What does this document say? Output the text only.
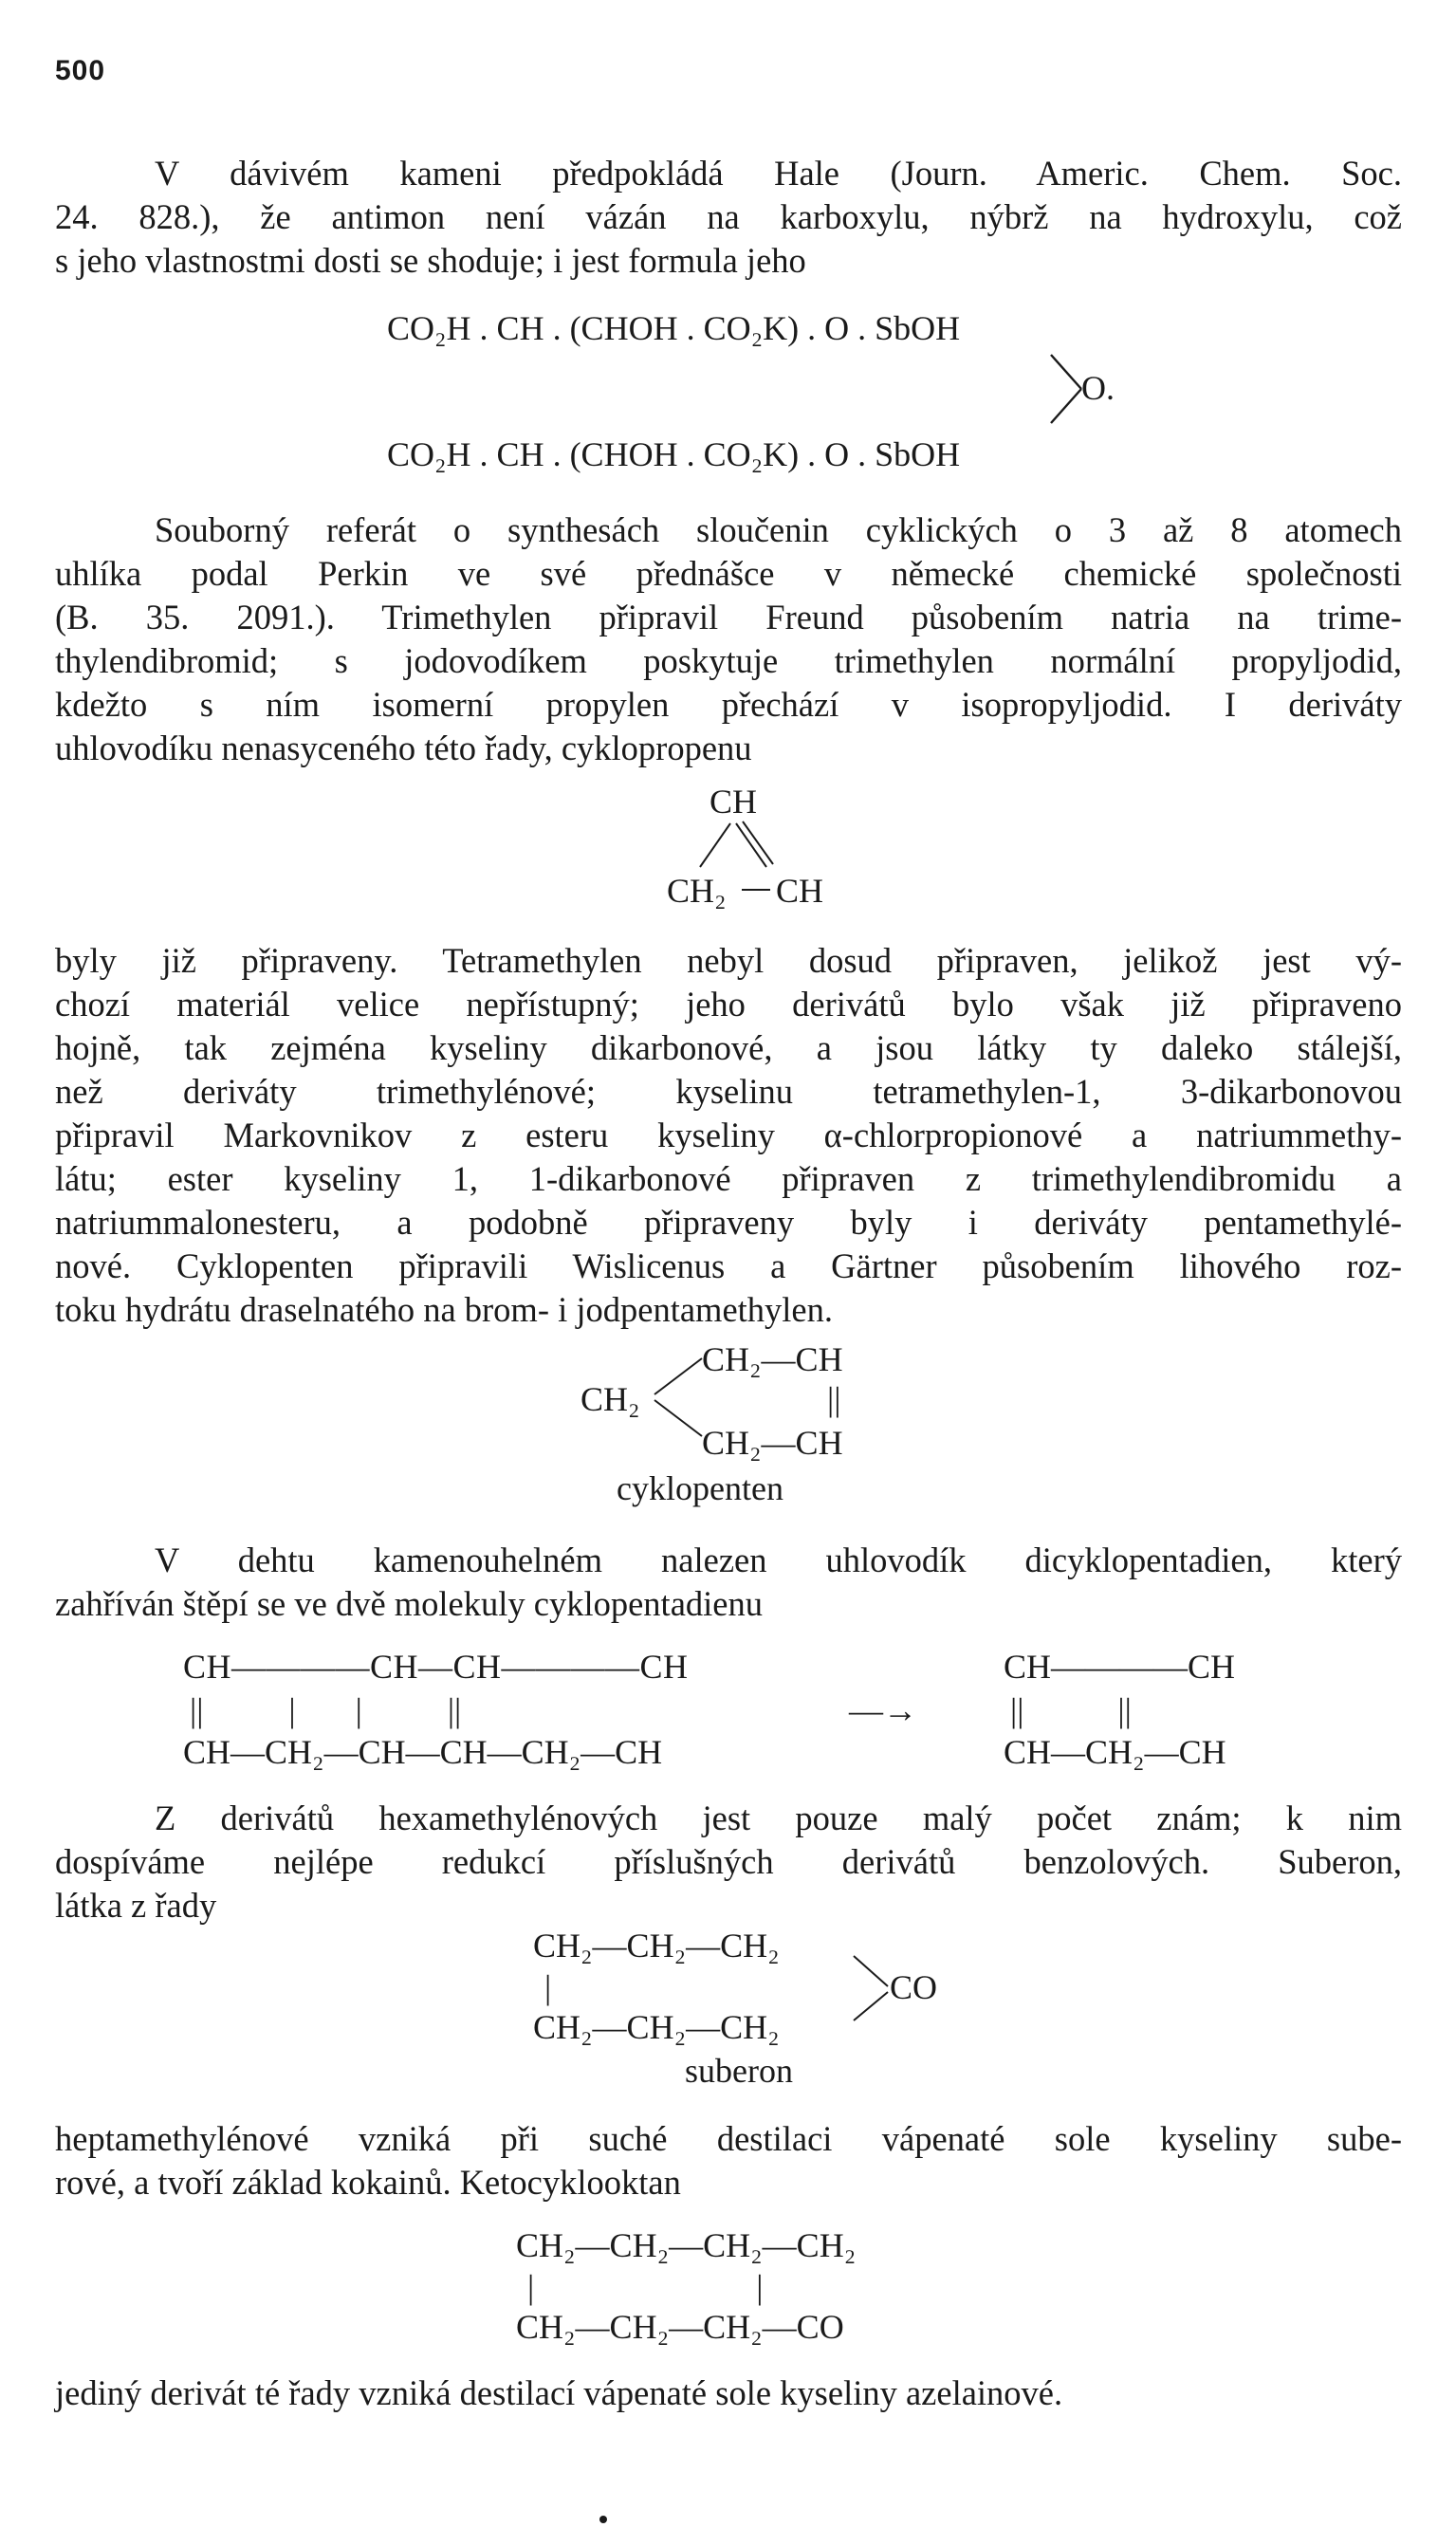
500
V dávivém kameni předpokládá Hale (Journ. Americ. Chem. Soc.
24. 828.), že antimon není vázán na karboxylu, nýbrž na hydroxylu, což
s jeho vlastnostmi dosti se shoduje; i jest formula jeho
CO₂H . CH . (CHOH . CO₂K) . O . SbOH
O.
CO₂H . CH . (CHOH . CO₂K) . O . SbOH
Souborný referát o synthesách sloučenin cyklických o 3 až 8 atomech
uhlíka podal Perkin ve své přednášce v německé chemické společnosti
(B. 35. 2091.). Trimethylen připravil Freund působením natria na trime-
thylendibromid; s jodovodíkem poskytuje trimethylen normální propyljodid,
kdežto s ním isomerní propylen přechází v isopropyljodid. I deriváty
uhlovodíku nenasyceného této řady, cyklopropenu
CH
CH₂ CH
byly již připraveny. Tetramethylen nebyl dosud připraven, jelikož jest vý-
chozí materiál velice nepřístupný; jeho derivátů bylo však již připraveno
hojně, tak zejména kyseliny dikarbonové, a jsou látky ty daleko stálejší,
než deriváty trimethylénové; kyselinu tetramethylen-1, 3-dikarbonovou
připravil Markovnikov z esteru kyseliny α-chlorpropionové a natriummethy-
látu; ester kyseliny 1, 1-dikarbonové připraven z trimethylendibromidu a
natriummalonesteru, a podobně připraveny byly i deriváty pentamethylé-
nové. Cyklopenten připravili Wislicenus a Gärtner působením lihového roz-
toku hydrátu draselnatého na brom- i jodpentamethylen.
CH₂—CH
CH₂	||
CH₂—CH
cyklopenten
V dehtu kamenouhelném nalezen uhlovodík dicyklopentadien, který
zahříván štěpí se ve dvě molekuly cyklopentadienu
CH————CH—CH————CH
||          |       |          ||
CH—CH₂—CH—CH—CH₂—CH
—→
CH————CH
||           ||
CH—CH₂—CH
Z derivátů hexamethylénových jest pouze malý počet znám; k nim
dospíváme nejlépe redukcí příslušných derivátů benzolových. Suberon,
látka z řady
CH₂—CH₂—CH₂
|	CO
CH₂—CH₂—CH₂
suberon
heptamethylénové vzniká při suché destilaci vápenaté sole kyseliny sube-
rové, a tvoří základ kokainů. Ketocyklooktan
CH₂—CH₂—CH₂—CH₂
|                          |
CH₂—CH₂—CH₂—CO
jediný derivát té řady vzniká destilací vápenaté sole kyseliny azelainové.
